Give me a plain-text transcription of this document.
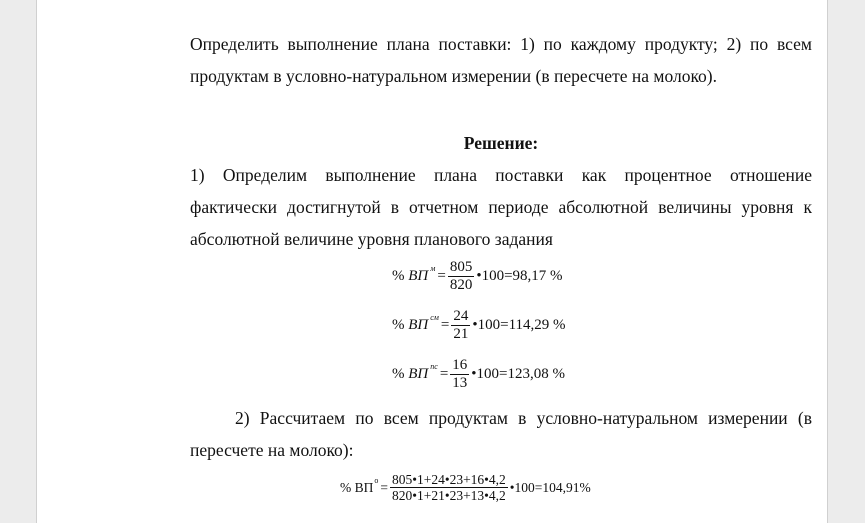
Определить выполнение плана поставки: 1) по каждому продукту; 2) по всем
продуктам в условно-натуральном измерении (в пересчете на молоко).
Решение:
1) Определим выполнение плана поставки как процентное отношение
фактически достигнутой в отчетном периоде абсолютной величины уровня к
абсолютной величине уровня планового задания
%
ВП $м = \frac{805}{820}$ •100=98,17 %
%
ВП см = $\frac{24}{21}$ •100=114,29 %
%
ВП пс = $\frac{16}{13}$ •100=123,08 %
2) Рассчитаем по всем продуктам в условно-натуральном измерении (в
пересчете на молоко):
% ВП $о = \frac{805•1+24•23+16•4,2}{820•1+21•23+13•4,2}$ •100=104,91%
